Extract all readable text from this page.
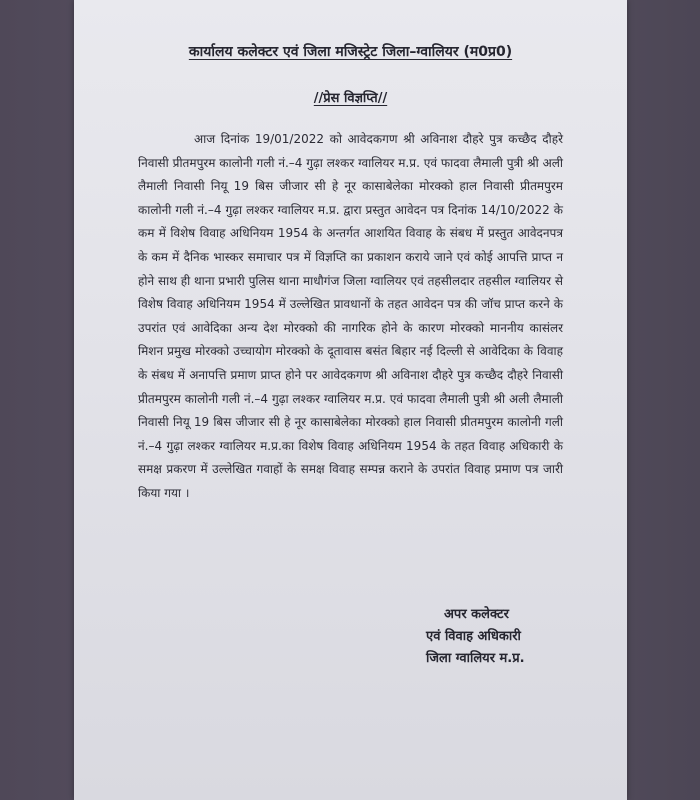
कार्यालय कलेक्टर एवं जिला मजिस्ट्रेट जिला–ग्वालियर (म0प्र0)
//प्रेस विज्ञप्ति//

आज दिनांक 19/01/2022 को आवेदकगण श्री अविनाश दौहरे पुत्र कच्छैद दौहरे निवासी प्रीतमपुरम कालोनी गली नं.–4 गुढ़ा लश्कर ग्वालियर म.प्र. एवं फादवा लैमाली पुत्री श्री अली लैमाली निवासी नियू 19 बिस जीजार सी हे नूर कासाबेलेका मोरक्को हाल निवासी प्रीतमपुरम कालोनी गली नं.–4 गुढ़ा लश्कर ग्वालियर म.प्र. द्वारा प्रस्तुत आवेदन पत्र दिनांक 14/10/2022 के कम में विशेष विवाह अधिनियम 1954 के अन्तर्गत आशयित विवाह के संबध में प्रस्तुत आवेदनपत्र के कम में दैनिक भास्कर समाचार पत्र में विज्ञप्ति का प्रकाशन कराये जाने एवं कोई आपत्ति प्राप्त न होने साथ ही थाना प्रभारी पुलिस थाना माधौगंज जिला ग्वालियर एवं तहसीलदार तहसील ग्वालियर से विशेष विवाह अधिनियम 1954 में उल्लेखित प्रावधानों के तहत आवेदन पत्र की जॉच प्राप्त करने के उपरांत एवं आवेदिका अन्य देश मोरक्को की नागरिक होने के कारण मोरक्को माननीय कासंलर मिशन प्रमुख मोरक्को उच्चायोग मोरक्को के दूतावास बसंत बिहार नई दिल्ली से आवेदिका के विवाह के संबध में अनापत्ति प्रमाण प्राप्त होने पर आवेदकगण श्री अविनाश दौहरे पुत्र कच्छैद दौहरे निवासी प्रीतमपुरम कालोनी गली नं.–4 गुढ़ा लश्कर ग्वालियर म.प्र. एवं फादवा लैमाली पुत्री श्री अली लैमाली निवासी नियू 19 बिस जीजार सी हे नूर कासाबेलेका मोरक्को हाल निवासी प्रीतमपुरम कालोनी गली नं.–4 गुढ़ा लश्कर ग्वालियर म.प्र.का विशेष विवाह अधिनियम 1954 के तहत विवाह अधिकारी के समक्ष प्रकरण में उल्लेखित गवाहों के समक्ष विवाह सम्पन्न कराने के उपरांत विवाह प्रमाण पत्र जारी किया गया ।

अपर कलेक्टर
एवं विवाह अधिकारी
जिला ग्वालियर म.प्र.
